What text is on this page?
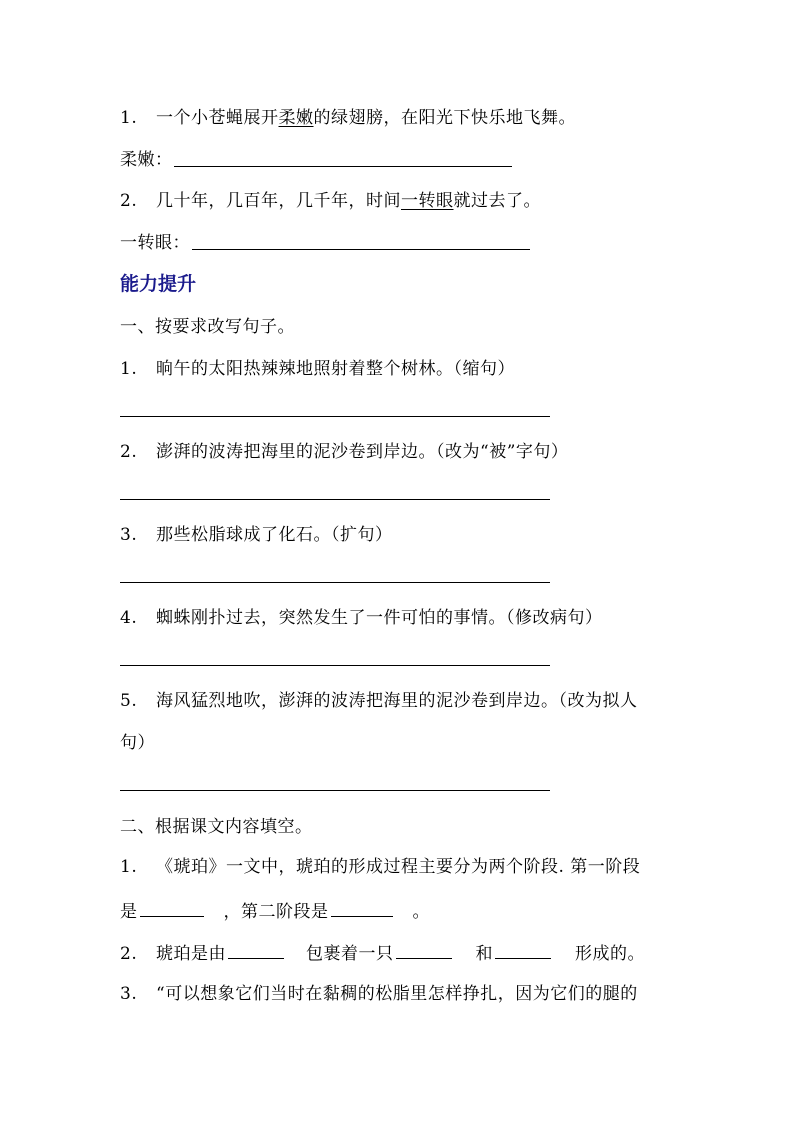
1. 一个小苍蝇展开柔嫩的绿翅膀，在阳光下快乐地飞舞。
柔嫩：
2. 几十年，几百年，几千年，时间一转眼就过去了。
一转眼：
能力提升
一、按要求改写句子。
1. 晌午的太阳热辣辣地照射着整个树林。（缩句）
2. 澎湃的波涛把海里的泥沙卷到岸边。（改为“被”字句）
3. 那些松脂球成了化石。（扩句）
4. 蜘蛛刚扑过去，突然发生了一件可怕的事情。（修改病句）
5. 海风猛烈地吹，澎湃的波涛把海里的泥沙卷到岸边。（改为拟人
句）
二、根据课文内容填空。
1. 《琥珀》一文中，琥珀的形成过程主要分为两个阶段. 第一阶段
是	，第二阶段是	。
2. 琥珀是由	包裹着一只	和	形成的。
3. “可以想象它们当时在黏稠的松脂里怎样挣扎，因为它们的腿的
